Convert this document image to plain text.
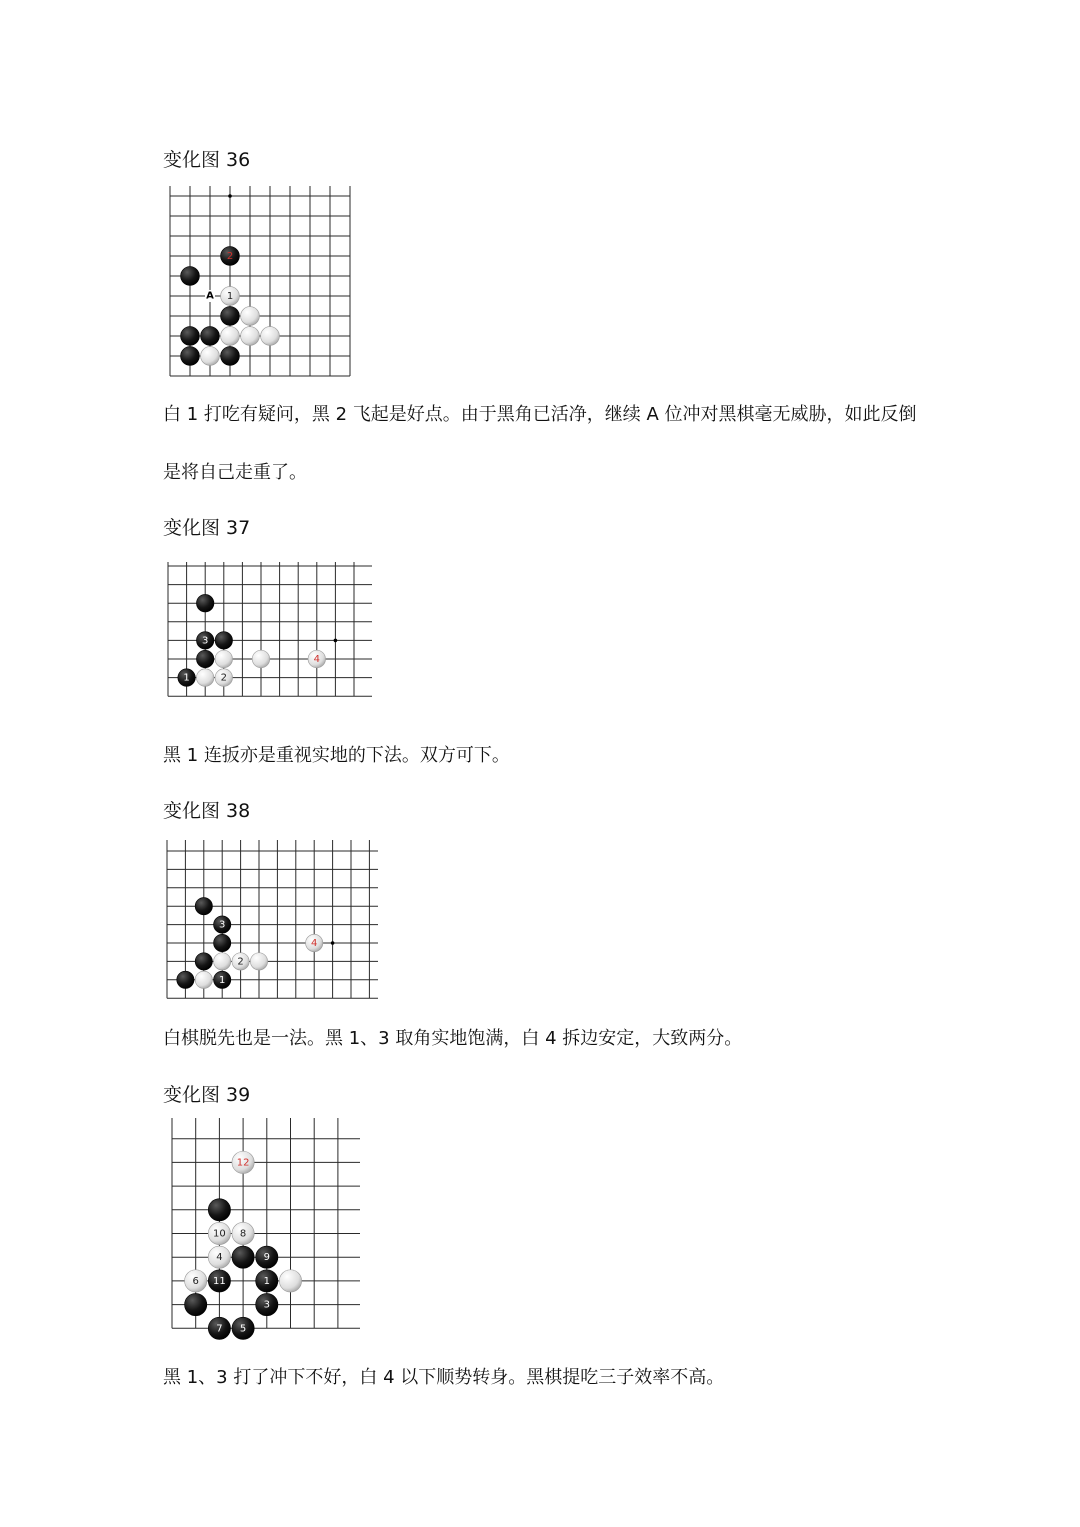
变化图 36
A
2
1

白 1 打吃有疑问，黑 2 飞起是好点。由于黑角已活净，继续 A 位冲对黑棋毫无威胁，如此反倒

是将自己走重了。

变化图 37
3
4
1	2

黑 1 连扳亦是重视实地的下法。双方可下。

变化图 38
3
4
2
1

白棋脱先也是一法。黑 1、3 取角实地饱满，白 4 拆边安定，大致两分。

变化图 39
12
10 8
4	9
6 11	1
3
7 5

黑 1、3 打了冲下不好，白 4 以下顺势转身。黑棋提吃三子效率不高。
